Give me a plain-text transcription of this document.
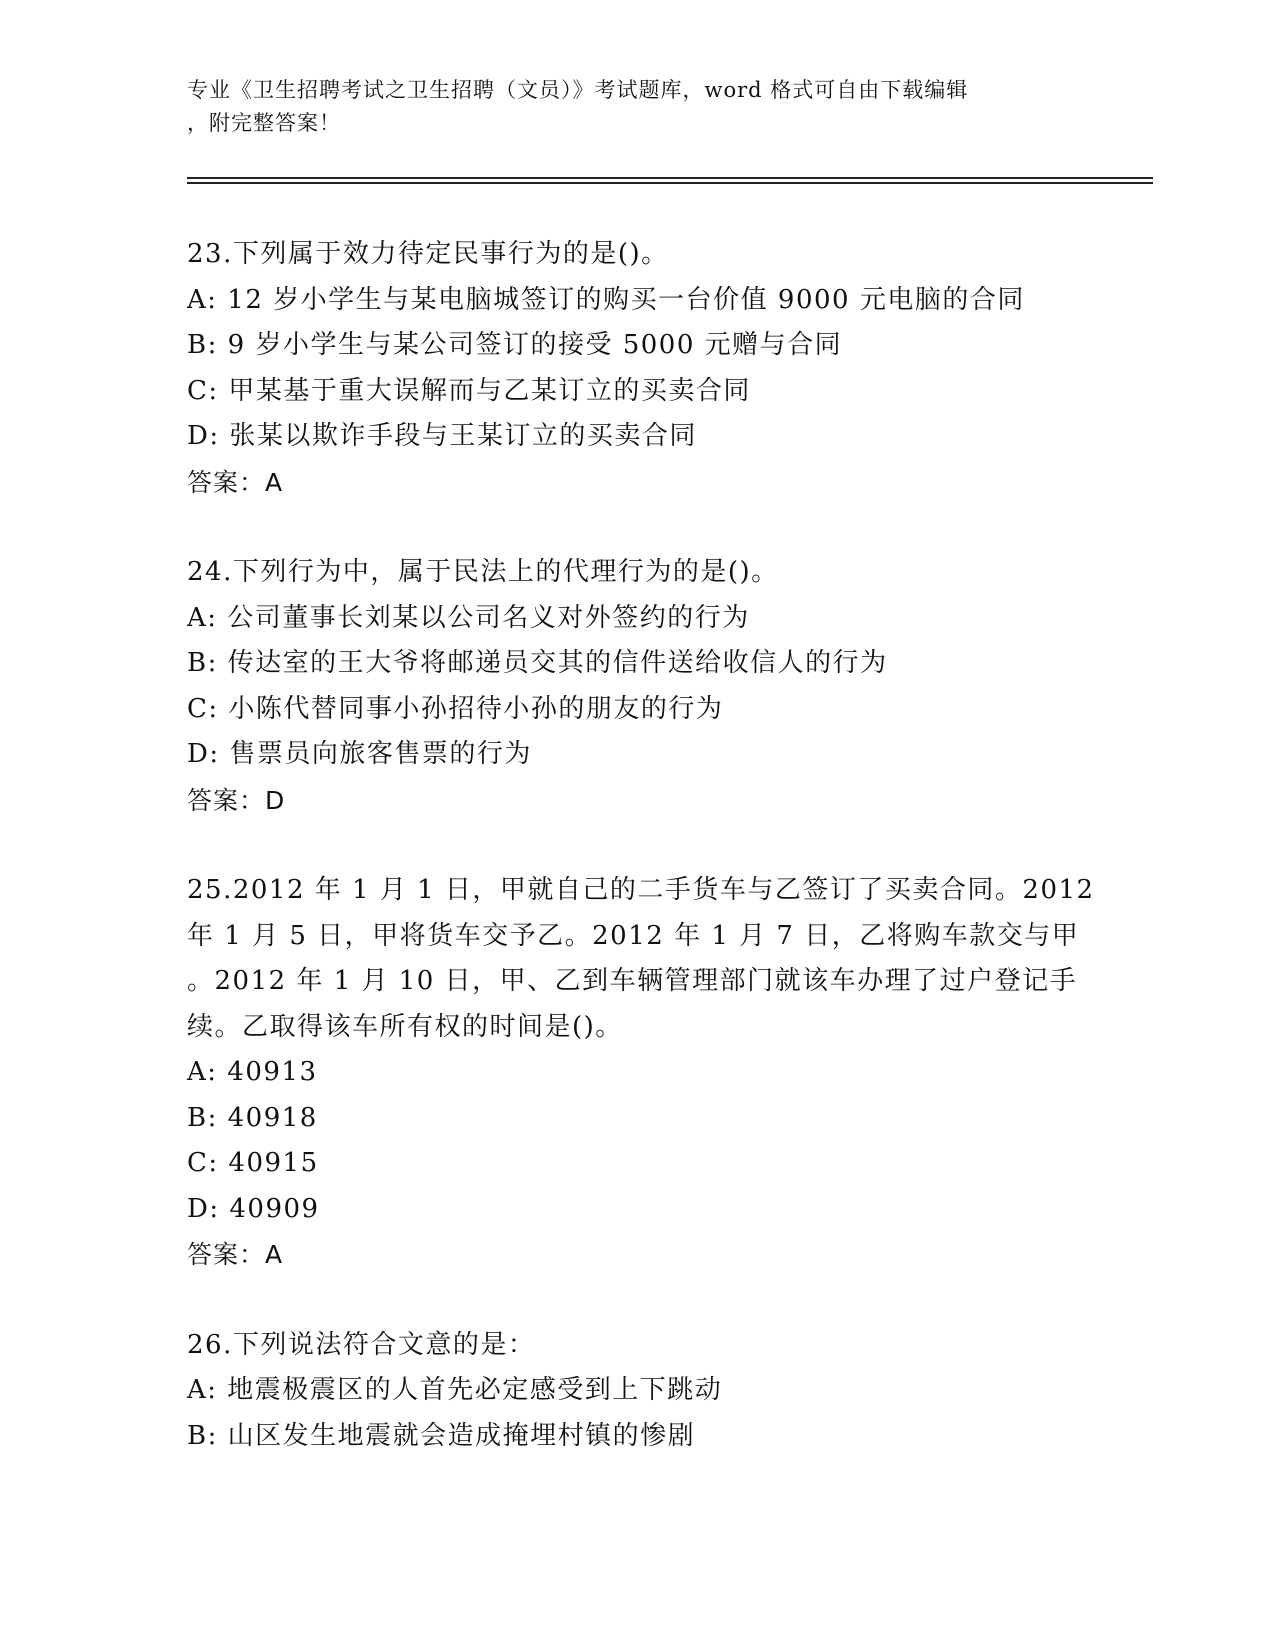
专业《卫生招聘考试之卫生招聘（文员）》考试题库，word 格式可自由下载编辑
，附完整答案！
23.下列属于效力待定民事行为的是()。
A: 12 岁小学生与某电脑城签订的购买一台价值 9000 元电脑的合同
B: 9 岁小学生与某公司签订的接受 5000 元赠与合同
C: 甲某基于重大误解而与乙某订立的买卖合同
D: 张某以欺诈手段与王某订立的买卖合同
答案：A
24.下列行为中，属于民法上的代理行为的是()。
A: 公司董事长刘某以公司名义对外签约的行为
B: 传达室的王大爷将邮递员交其的信件送给收信人的行为
C: 小陈代替同事小孙招待小孙的朋友的行为
D: 售票员向旅客售票的行为
答案：D
25.2012 年 1 月 1 日，甲就自己的二手货车与乙签订了买卖合同。2012
年 1 月 5 日，甲将货车交予乙。2012 年 1 月 7 日，乙将购车款交与甲
。2012 年 1 月 10 日，甲、乙到车辆管理部门就该车办理了过户登记手
续。乙取得该车所有权的时间是()。
A: 40913
B: 40918
C: 40915
D: 40909
答案：A
26.下列说法符合文意的是：
A: 地震极震区的人首先必定感受到上下跳动
B: 山区发生地震就会造成掩埋村镇的惨剧
